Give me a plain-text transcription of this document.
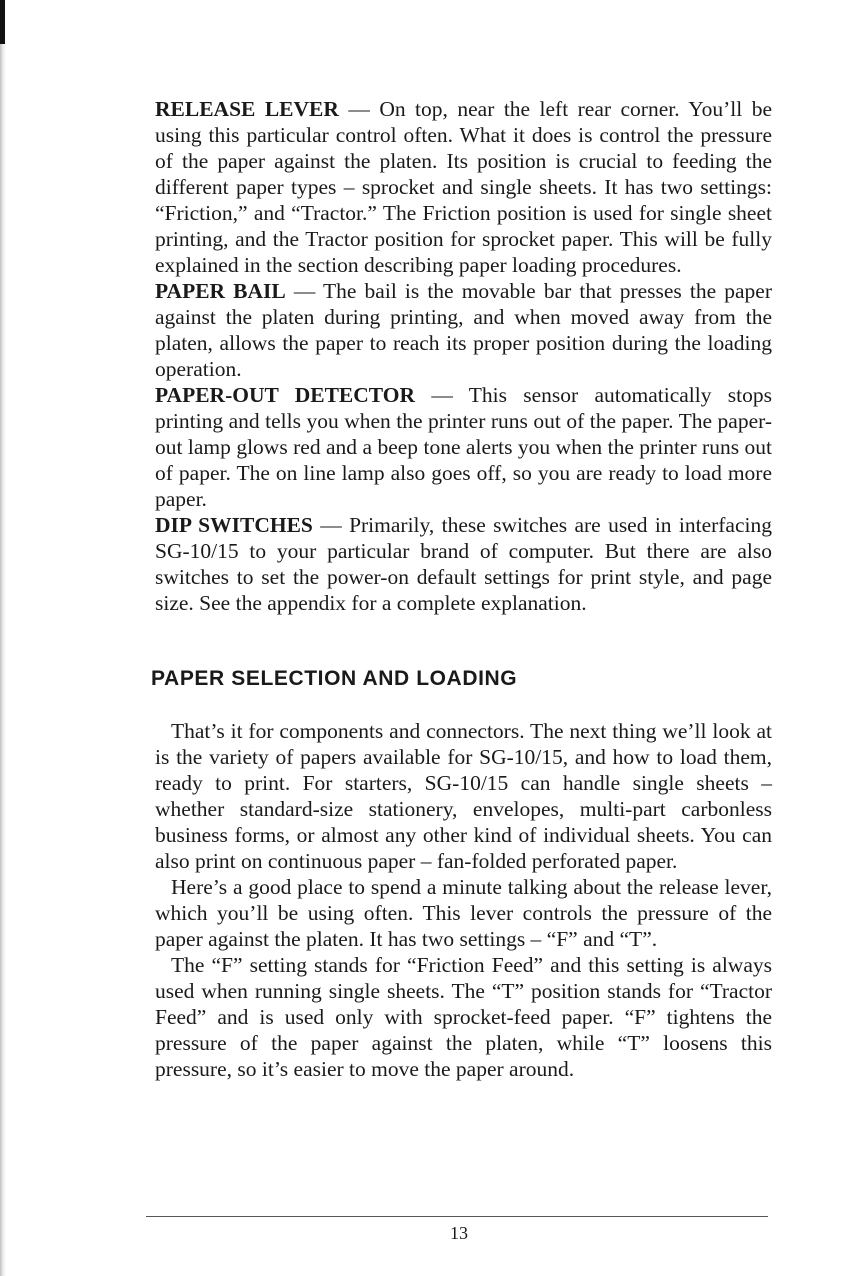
RELEASE LEVER — On top, near the left rear corner. You’ll be using this particular control often. What it does is control the pressure of the paper against the platen. Its position is crucial to feeding the different paper types – sprocket and single sheets. It has two settings: “Friction,” and “Tractor.” The Friction position is used for single sheet printing, and the Tractor position for sprocket paper. This will be fully explained in the section describing paper loading procedures.

PAPER BAIL — The bail is the movable bar that presses the paper against the platen during printing, and when moved away from the platen, allows the paper to reach its proper position during the loading operation.

PAPER-OUT DETECTOR — This sensor automatically stops printing and tells you when the printer runs out of the paper. The paper-out lamp glows red and a beep tone alerts you when the printer runs out of paper. The on line lamp also goes off, so you are ready to load more paper.

DIP SWITCHES — Primarily, these switches are used in interfacing SG-10/15 to your particular brand of computer. But there are also switches to set the power-on default settings for print style, and page size. See the appendix for a complete explanation.

PAPER SELECTION AND LOADING

That’s it for components and connectors. The next thing we’ll look at is the variety of papers available for SG-10/15, and how to load them, ready to print. For starters, SG-10/15 can handle single sheets – whether standard-size stationery, envelopes, multi-part carbonless business forms, or almost any other kind of individual sheets. You can also print on continuous paper – fan-folded perforated paper.

Here’s a good place to spend a minute talking about the release lever, which you’ll be using often. This lever controls the pressure of the paper against the platen. It has two settings – “F” and “T”.

The “F” setting stands for “Friction Feed” and this setting is always used when running single sheets. The “T” position stands for “Tractor Feed” and is used only with sprocket-feed paper. “F” tightens the pressure of the paper against the platen, while “T” loosens this pressure, so it’s easier to move the paper around.

13
